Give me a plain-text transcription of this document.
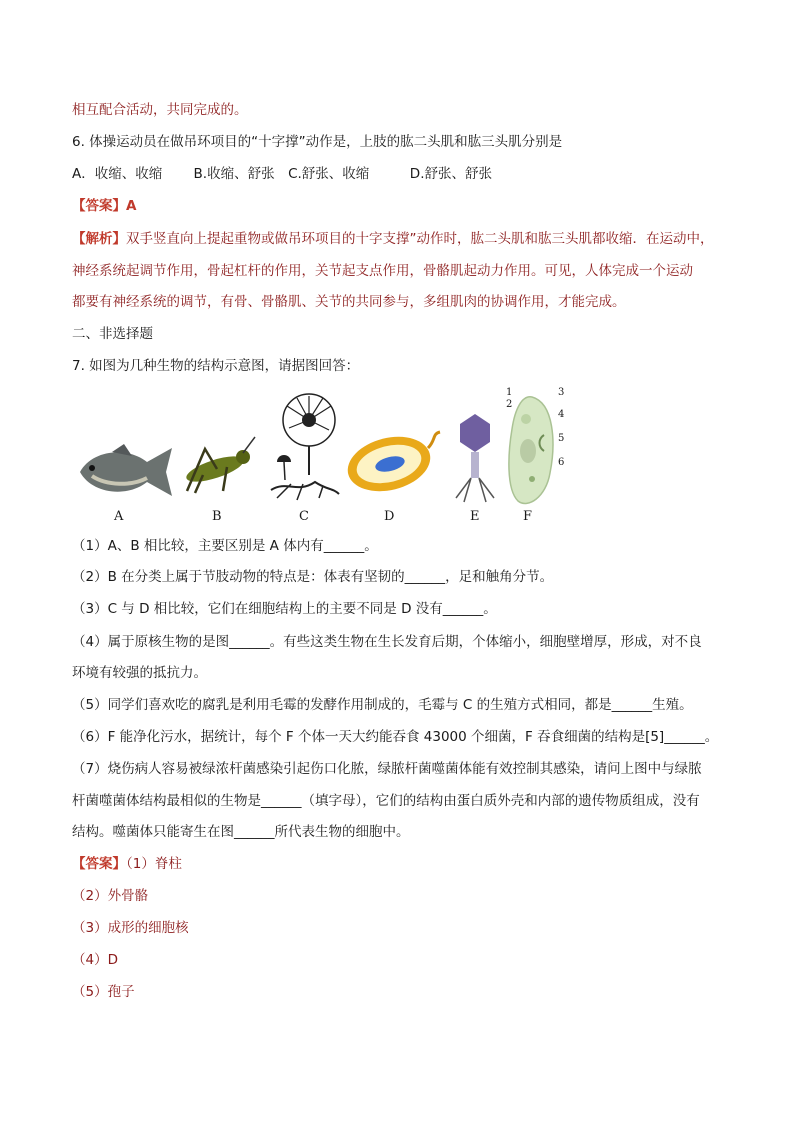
相互配合活动，共同完成的。
6. 体操运动员在做吊环项目的“十字撑”动作是，上肢的肱二头肌和肱三头肌分别是
A．收缩、收缩　　 B.收缩、舒张　C.舒张、收缩　　　D.舒张、舒张
【答案】A
【解析】双手竖直向上提起重物或做吊环项目的十字支撑”动作时，肱二头肌和肱三头肌都收缩．在运动中，
神经系统起调节作用，骨起杠杆的作用，关节起支点作用，骨骼肌起动力作用。可见，人体完成一个运动
都要有神经系统的调节，有骨、骨骼肌、关节的共同参与，多组肌肉的协调作用，才能完成。
二、非选择题
7. 如图为几种生物的结构示意图，请据图回答：
1
2
3
4
5
6
A	B	C	D	E	F
（1）A、B 相比较，主要区别是 A 体内有______。
（2）B 在分类上属于节肢动物的特点是：体表有坚韧的______，足和触角分节。
（3）C 与 D 相比较，它们在细胞结构上的主要不同是 D 没有______。
（4）属于原核生物的是图______。有些这类生物在生长发育后期，个体缩小，细胞壁增厚，形成，对不良
环境有较强的抵抗力。
（5）同学们喜欢吃的腐乳是利用毛霉的发酵作用制成的，毛霉与 C 的生殖方式相同，都是______生殖。
（6）F 能净化污水，据统计，每个 F 个体一天大约能吞食 43000 个细菌，F 吞食细菌的结构是[5]______。
（7）烧伤病人容易被绿浓杆菌感染引起伤口化脓，绿脓杆菌噬菌体能有效控制其感染，请问上图中与绿脓
杆菌噬菌体结构最相似的生物是______（填字母），它们的结构由蛋白质外壳和内部的遗传物质组成，没有
结构。噬菌体只能寄生在图______所代表生物的细胞中。
【答案】（1）脊柱
（2）外骨骼
（3）成形的细胞核
（4）D
（5）孢子
